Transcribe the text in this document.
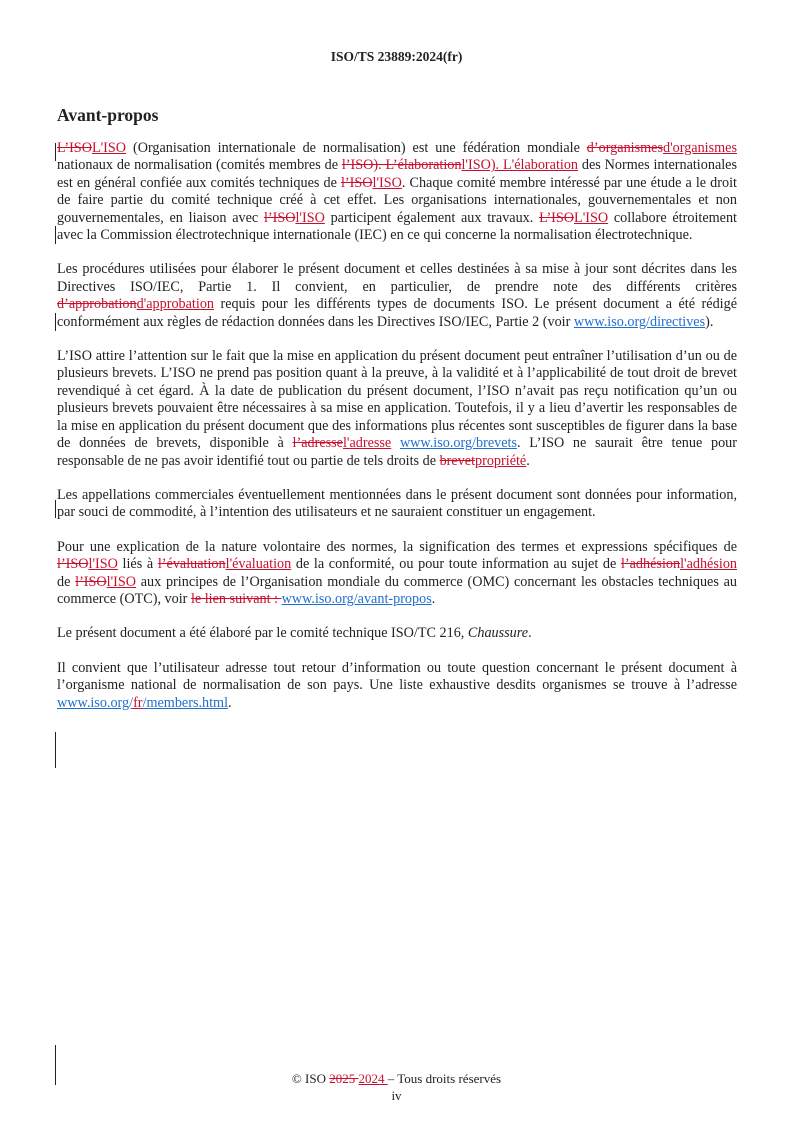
ISO/TS 23889:2024(fr)
Avant-propos

L’ISOL'ISO (Organisation internationale de normalisation) est une fédération mondiale d’organismesd'organismes nationaux de normalisation (comités membres de l’ISO). L’élaborationl'ISO). L'élaboration des Normes internationales est en général confiée aux comités techniques de l’ISOl'ISO. Chaque comité membre intéressé par une étude a le droit de faire partie du comité technique créé à cet effet. Les organisations internationales, gouvernementales et non gouvernementales, en liaison avec l’ISOl'ISO participent également aux travaux. L’ISOL'ISO collabore étroitement avec la Commission électrotechnique internationale (IEC) en ce qui concerne la normalisation électrotechnique.

Les procédures utilisées pour élaborer le présent document et celles destinées à sa mise à jour sont décrites dans les Directives ISO/IEC, Partie 1. Il convient, en particulier, de prendre note des différents critères d’approbationd'approbation requis pour les différents types de documents ISO. Le présent document a été rédigé conformément aux règles de rédaction données dans les Directives ISO/IEC, Partie 2 (voir www.iso.org/directives).

L’ISO attire l’attention sur le fait que la mise en application du présent document peut entraîner l’utilisation d’un ou de plusieurs brevets. L’ISO ne prend pas position quant à la preuve, à la validité et à l’applicabilité de tout droit de brevet revendiqué à cet égard. À la date de publication du présent document, l’ISO n’avait pas reçu notification qu’un ou plusieurs brevets pouvaient être nécessaires à sa mise en application. Toutefois, il y a lieu d’avertir les responsables de la mise en application du présent document que des informations plus récentes sont susceptibles de figurer dans la base de données de brevets, disponible à l’adressel'adresse www.iso.org/brevets. L’ISO ne saurait être tenue pour responsable de ne pas avoir identifié tout ou partie de tels droits de brevetpropriété.

Les appellations commerciales éventuellement mentionnées dans le présent document sont données pour information, par souci de commodité, à l’intention des utilisateurs et ne sauraient constituer un engagement.

Pour une explication de la nature volontaire des normes, la signification des termes et expressions spécifiques de l’ISOl'ISO liés à l’évaluationl'évaluation de la conformité, ou pour toute information au sujet de l’adhésionl'adhésion de l’ISOl'ISO aux principes de l’Organisation mondiale du commerce (OMC) concernant les obstacles techniques au commerce (OTC), voir le lien suivant : www.iso.org/avant-propos.

Le présent document a été élaboré par le comité technique ISO/TC 216, Chaussure.

Il convient que l’utilisateur adresse tout retour d’information ou toute question concernant le présent document à l’organisme national de normalisation de son pays. Une liste exhaustive desdits organismes se trouve à l’adresse www.iso.org/fr/members.html.

© ISO 2025 2024 – Tous droits réservés
iv
